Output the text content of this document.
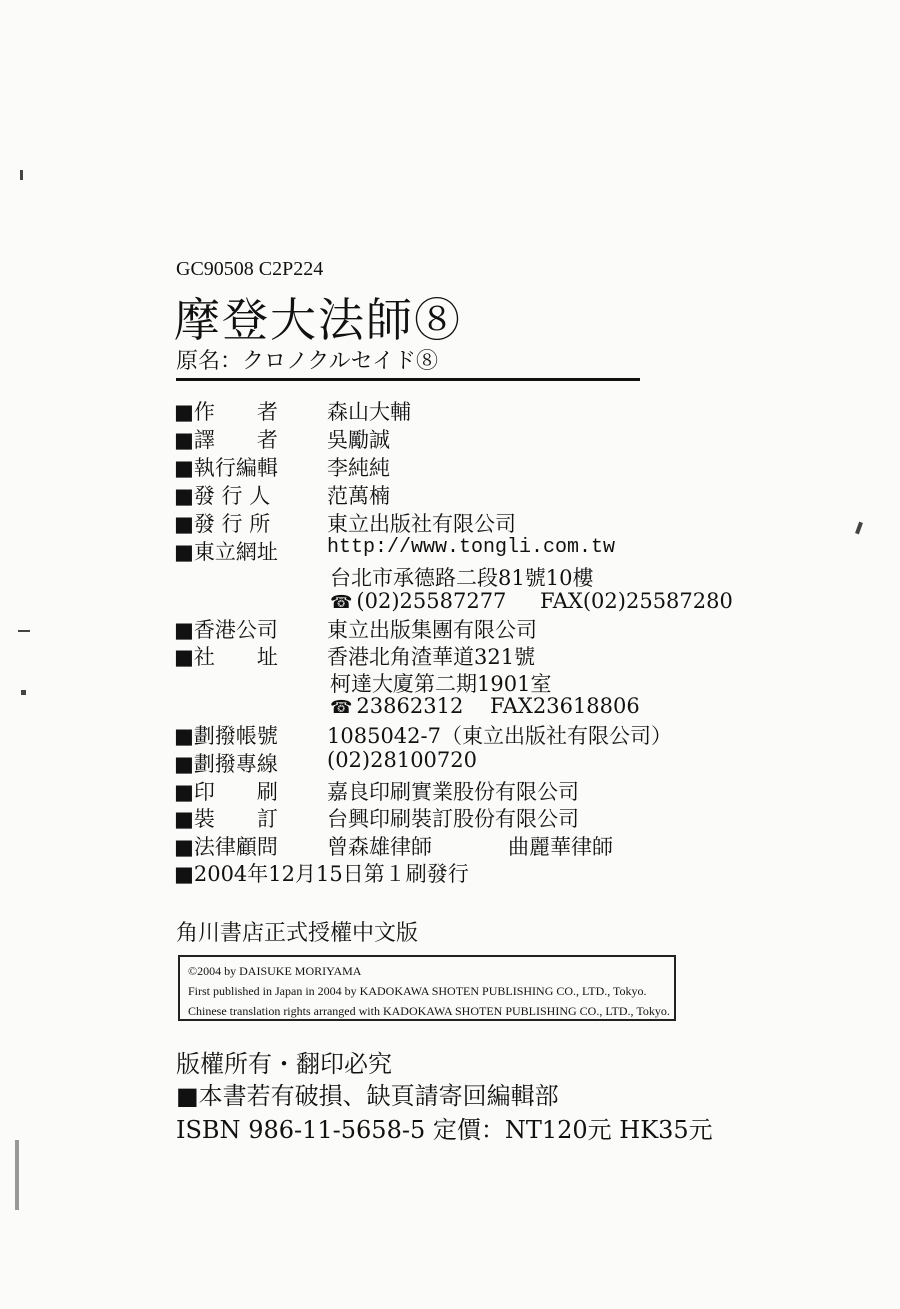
GC90508 C2P224
摩登大法師⑧
原名：クロノクルセイド⑧
■作　　者	森山大輔
■譯　　者	吳勵誠
■執行編輯	李純純
■發 行 人	范萬楠
■發 行 所	東立出版社有限公司
■東立網址	http://www.tongli.com.tw
台北市承德路二段81號10樓
☎ (02)25587277 FAX(02)25587280
■香港公司	東立出版集團有限公司
■社　　址	香港北角渣華道321號
柯達大廈第二期1901室
☎ 23862312 FAX23618806
■劃撥帳號	1085042-7（東立出版社有限公司）
■劃撥專線	(02)28100720
■印　　刷	嘉良印刷實業股份有限公司
■裝　　訂	台興印刷裝訂股份有限公司
■法律顧問	曾森雄律師	曲麗華律師
■2004年12月15日第１刷發行
角川書店正式授權中文版
©2004 by DAISUKE MORIYAMA
First published in Japan in 2004 by KADOKAWA SHOTEN PUBLISHING CO., LTD., Tokyo.
Chinese translation rights arranged with KADOKAWA SHOTEN PUBLISHING CO., LTD., Tokyo.
版權所有・翻印必究
■本書若有破損、缺頁請寄回編輯部
ISBN 986-11-5658-5 定價：NT120元 HK35元
